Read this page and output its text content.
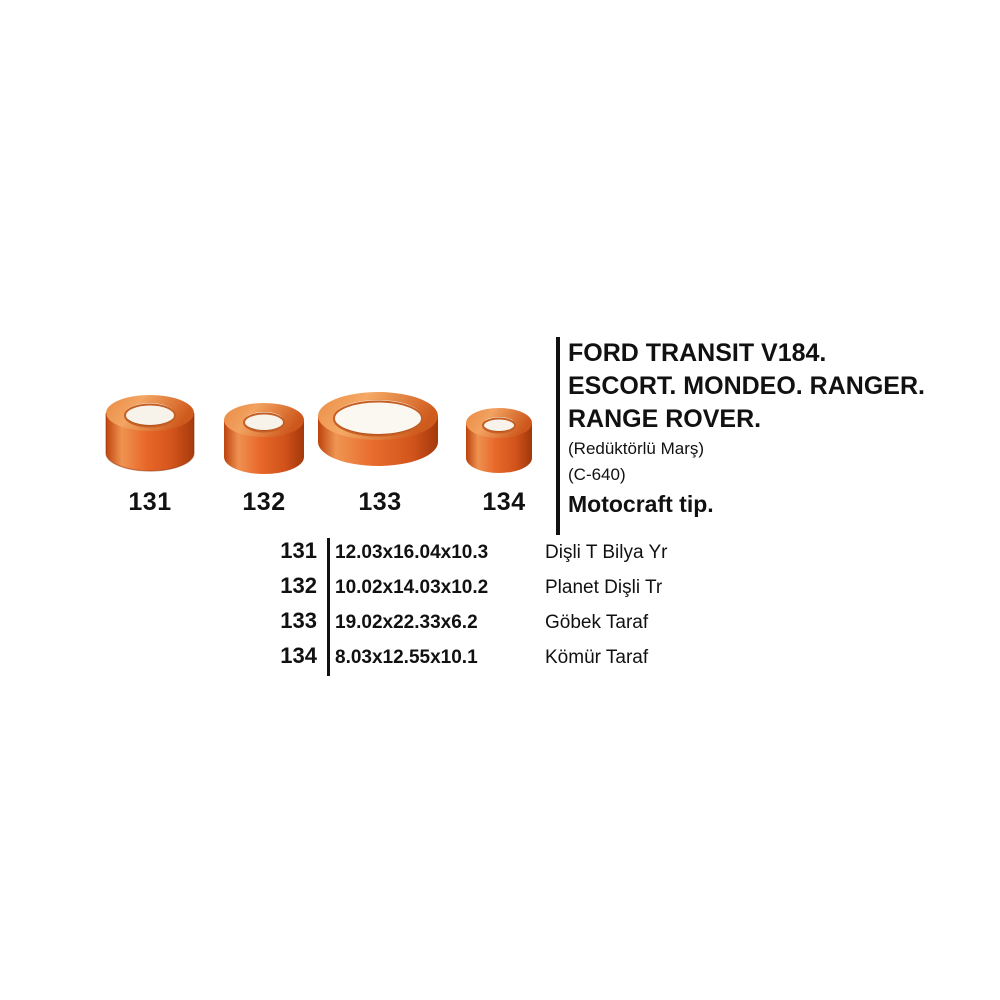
131	132	133	134
FORD TRANSIT V184.
ESCORT. MONDEO. RANGER.
RANGE ROVER.
(Redüktörlü Marş)
(C-640)
Motocraft tip.
131 12.03x16.04x10.3	Dişli T Bilya Yr
132 10.02x14.03x10.2	Planet Dişli Tr
133 19.02x22.33x6.2	Göbek Taraf
134 8.03x12.55x10.1	Kömür Taraf
